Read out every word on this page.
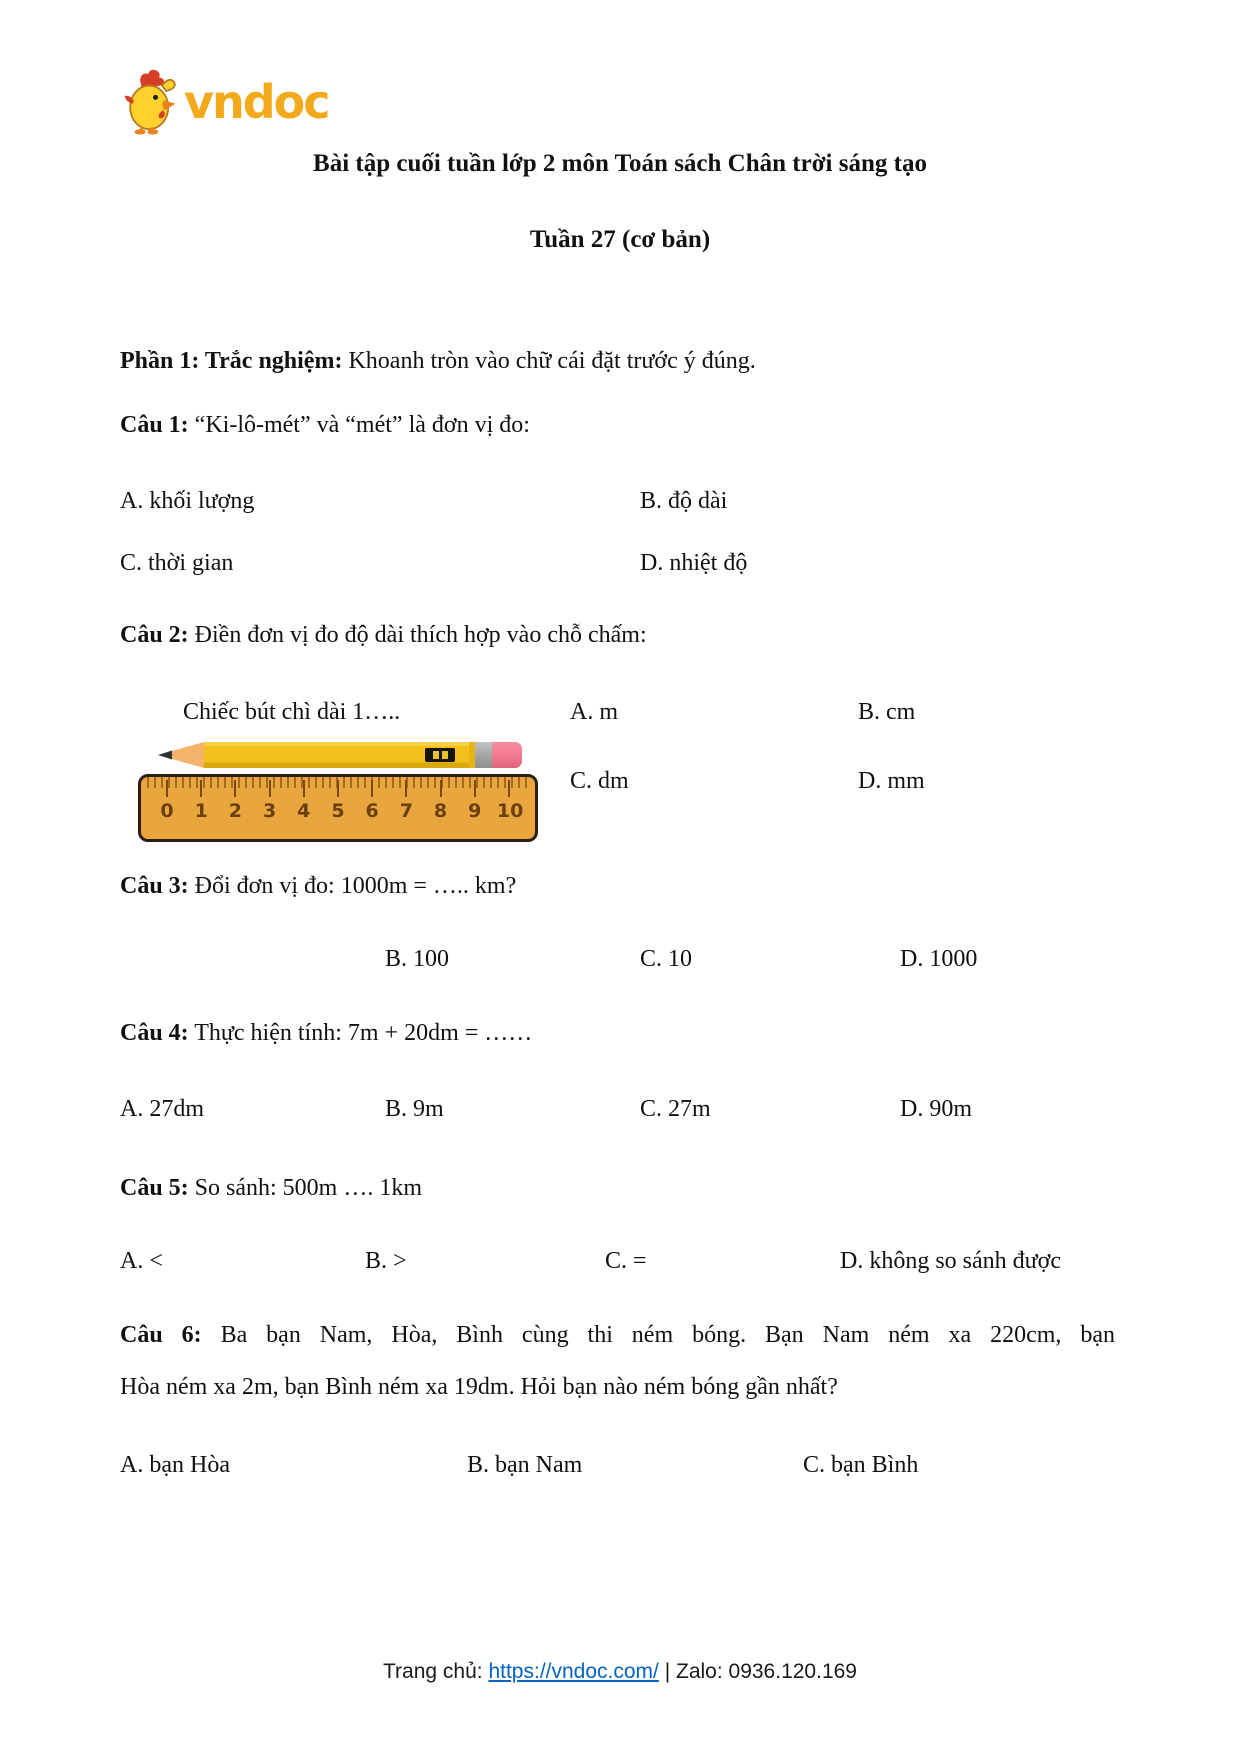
vndoc
Bài tập cuối tuần lớp 2 môn Toán sách Chân trời sáng tạo
Tuần 27 (cơ bản)
Phần 1: Trắc nghiệm: Khoanh tròn vào chữ cái đặt trước ý đúng.
Câu 1: “Ki-lô-mét” và “mét” là đơn vị đo:
A. khối lượng	B. độ dài
C. thời gian	D. nhiệt độ
Câu 2: Điền đơn vị đo độ dài thích hợp vào chỗ chấm:
Chiếc bút chì dài 1…..	A. m	B. cm
C. dm	D. mm
0 1 2 3 4 5 6 7 8 9 10
Câu 3: Đổi đơn vị đo: 1000m = ….. km?
B. 100	C. 10	D. 1000
Câu 4: Thực hiện tính: 7m + 20dm = ……
A. 27dm	B. 9m	C. 27m	D. 90m
Câu 5: So sánh: 500m …. 1km
A. <	B. >	C. =	D. không so sánh được
Câu 6: Ba bạn Nam, Hòa, Bình cùng thi ném bóng. Bạn Nam ném xa 220cm, bạn
Hòa ném xa 2m, bạn Bình ném xa 19dm. Hỏi bạn nào ném bóng gần nhất?
A. bạn Hòa	B. bạn Nam	C. bạn Bình
Trang chủ: https://vndoc.com/ | Zalo: 0936.120.169
